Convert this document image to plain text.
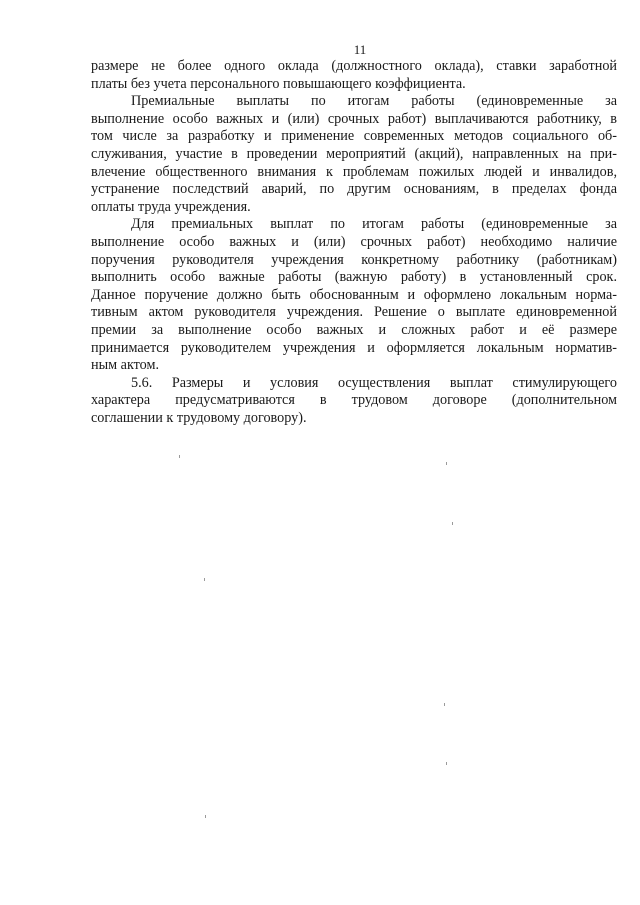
11
размере не более одного оклада (должностного оклада), ставки заработной
платы без учета персонального повышающего коэффициента.
Премиальные выплаты по итогам работы (единовременные за
выполнение особо важных и (или) срочных работ) выплачиваются работнику, в
том числе за разработку и применение современных методов социального об-
служивания, участие в проведении мероприятий (акций), направленных на при-
влечение общественного внимания к проблемам пожилых людей и инвалидов,
устранение последствий аварий, по другим основаниям, в пределах фонда
оплаты труда учреждения.
Для премиальных выплат по итогам работы (единовременные за
выполнение особо важных и (или) срочных работ) необходимо наличие
поручения руководителя учреждения конкретному работнику (работникам)
выполнить особо важные работы (важную работу) в установленный срок.
Данное поручение должно быть обоснованным и оформлено локальным норма-
тивным актом руководителя учреждения. Решение о выплате единовременной
премии за выполнение особо важных и сложных работ и её размере
принимается руководителем учреждения и оформляется локальным норматив-
ным актом.
5.6. Размеры и условия осуществления выплат стимулирующего
характера предусматриваются в трудовом договоре (дополнительном
соглашении к трудовому договору).
